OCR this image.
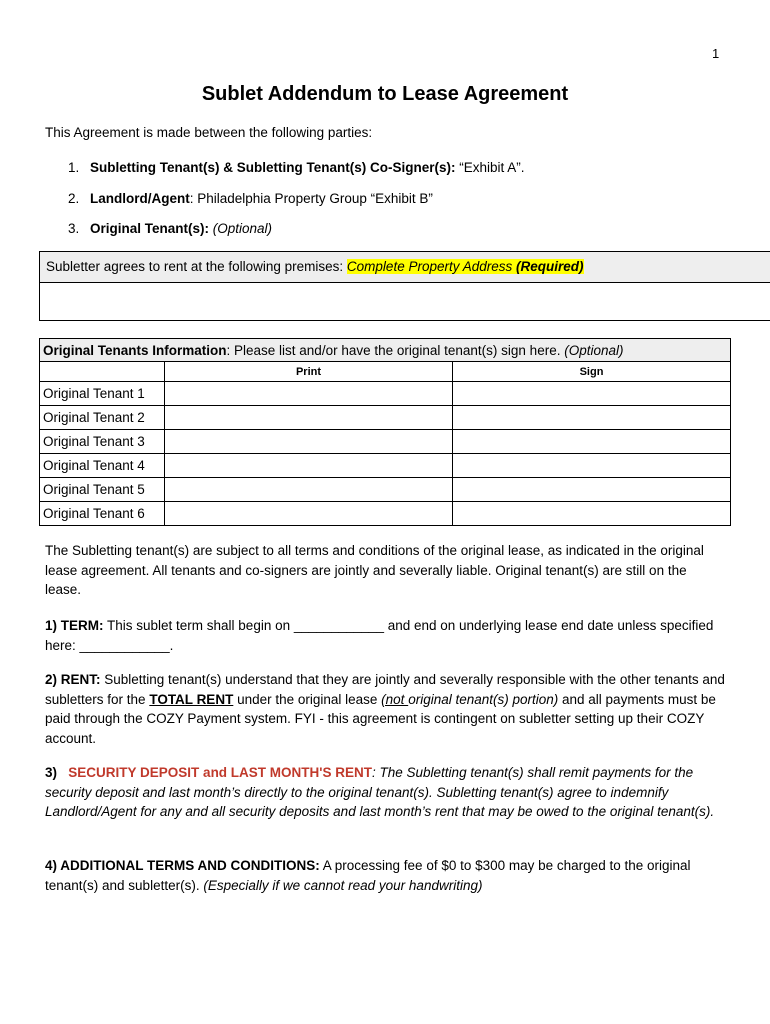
1
Sublet Addendum to Lease Agreement
This Agreement is made between the following parties:
1. Subletting Tenant(s) & Subletting Tenant(s) Co-Signer(s): “Exhibit A”.
2. Landlord/Agent: Philadelphia Property Group “Exhibit B”
3. Original Tenant(s): (Optional)
Subletter agrees to rent at the following premises: Complete Property Address (Required)
Original Tenants Information: Please list and/or have the original tenant(s) sign here. (Optional)		
	Print	Sign
Original Tenant 1		
Original Tenant 2		
Original Tenant 3		
Original Tenant 4		
Original Tenant 5		
Original Tenant 6		
The Subletting tenant(s) are subject to all terms and conditions of the original lease, as indicated in the original lease agreement. All tenants and co-signers are jointly and severally liable. Original tenant(s) are still on the lease.
1) TERM: This sublet term shall begin on ____________ and end on underlying lease end date unless specified here: ____________.
2) RENT: Subletting tenant(s) understand that they are jointly and severally responsible with the other tenants and subletters for the TOTAL RENT under the original lease (not original tenant(s) portion) and all payments must be paid through the COZY Payment system. FYI - this agreement is contingent on subletter setting up their COZY account.
3) SECURITY DEPOSIT and LAST MONTH'S RENT: The Subletting tenant(s) shall remit payments for the security deposit and last month’s directly to the original tenant(s). Subletting tenant(s) agree to indemnify Landlord/Agent for any and all security deposits and last month’s rent that may be owed to the original tenant(s).
4) ADDITIONAL TERMS AND CONDITIONS: A processing fee of $0 to $300 may be charged to the original tenant(s) and subletter(s). (Especially if we cannot read your handwriting)
